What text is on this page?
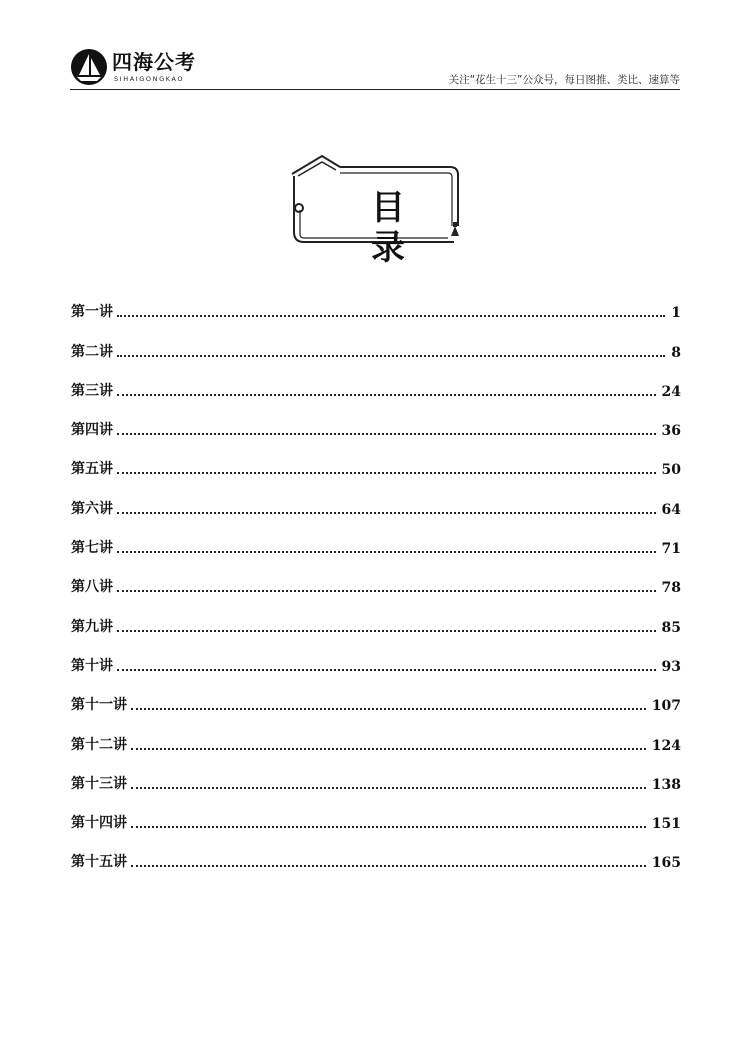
四海公考
SIHAIGONGKAO	关注“花生十三”公众号，每日图推、类比、速算等
目 录
第一讲	1
第二讲	8
第三讲	24
第四讲	36
第五讲	50
第六讲	64
第七讲	71
第八讲	78
第九讲	85
第十讲	93
第十一讲	107
第十二讲	124
第十三讲	138
第十四讲	151
第十五讲	165
